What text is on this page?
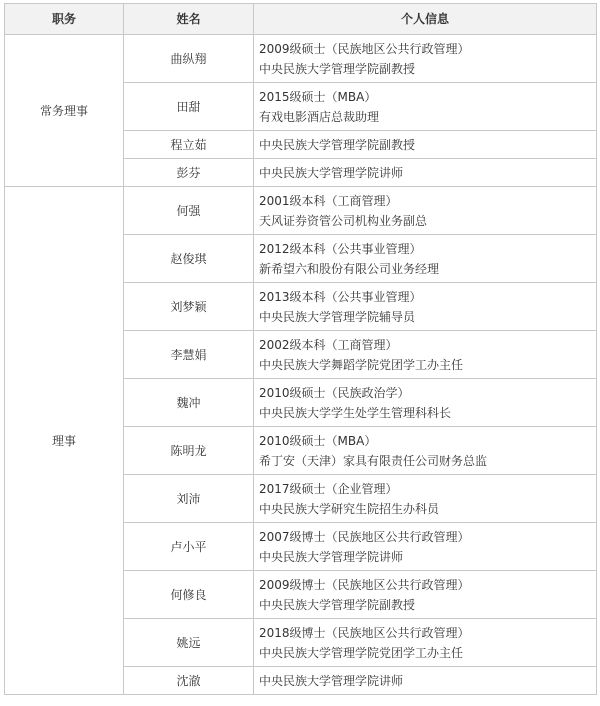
职务	姓名	个人信息
常务理事	曲纵翔	2009级硕士（民族地区公共行政管理）
中央民族大学管理学院副教授

	田甜	2015级硕士（MBA）
有戏电影酒店总裁助理

	程立茹	中央民族大学管理学院副教授

	彭芬	中央民族大学管理学院讲师

理事	何强	2001级本科（工商管理）
天风证券资管公司机构业务副总

	赵俊琪	2012级本科（公共事业管理）
新希望六和股份有限公司业务经理

	刘梦颖	2013级本科（公共事业管理）
中央民族大学管理学院辅导员

	李慧娟	2002级本科（工商管理）
中央民族大学舞蹈学院党团学工办主任

	魏冲	2010级硕士（民族政治学）
中央民族大学学生处学生管理科科长

	陈明龙	2010级硕士（MBA）
希丁安（天津）家具有限责任公司财务总监

	刘沛	2017级硕士（企业管理）
中央民族大学研究生院招生办科员

	卢小平	2007级博士（民族地区公共行政管理）
中央民族大学管理学院讲师

	何修良	2009级博士（民族地区公共行政管理）
中央民族大学管理学院副教授

	姚远	2018级博士（民族地区公共行政管理）
中央民族大学管理学院党团学工办主任

	沈澈	中央民族大学管理学院讲师
